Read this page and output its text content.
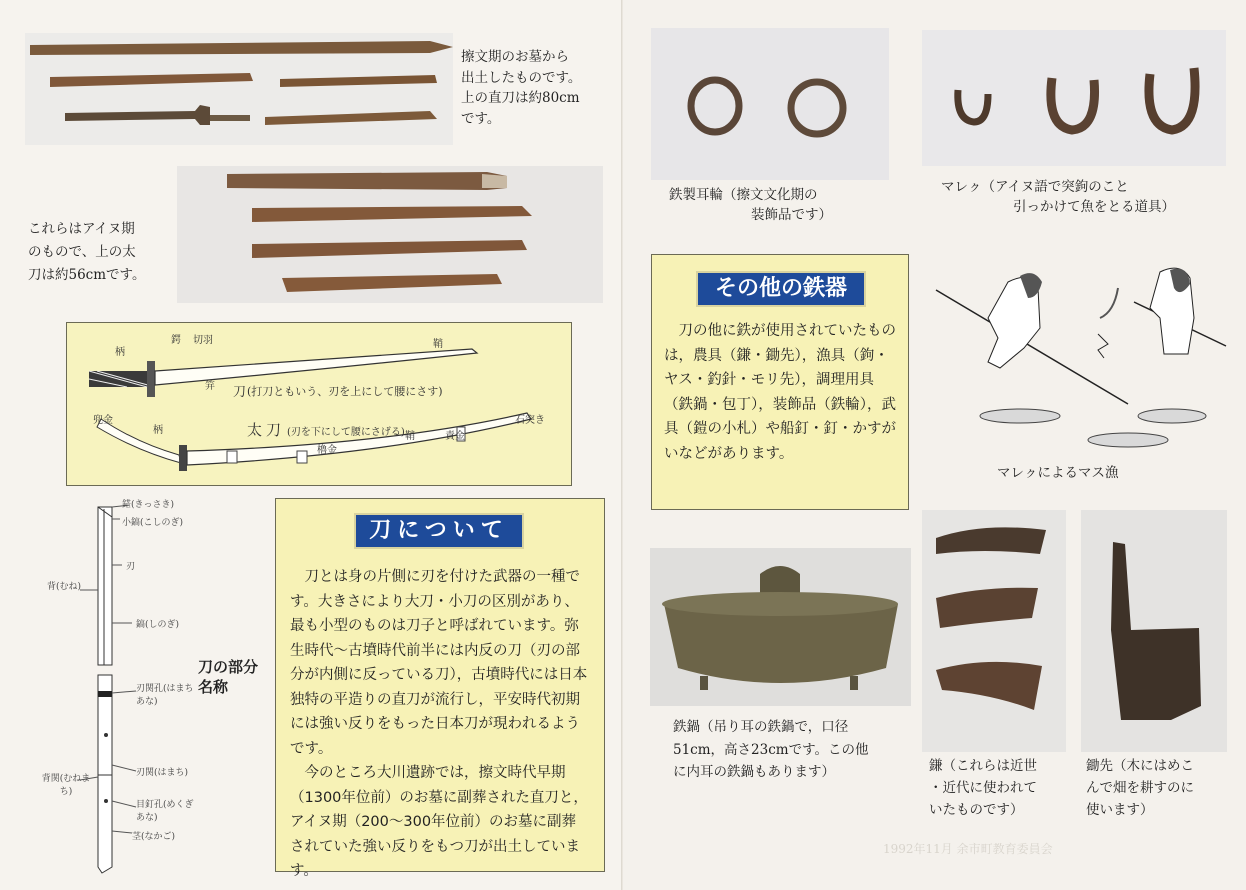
擦文期のお墓から
出土したものです。
上の直刀は約80cm
です。
これらはアイヌ期
のもので、上の太
刀は約56cmです。
柄
鍔 切羽	鞘
笄 刀 (打刀ともいう、刃を上にして腰にさす)
兜金
柄	太刀 (刃を下にして腰にさげる) 鞘
石突き
責金
櫓金
鋩(きっさき)
小鎬(こしのぎ)
刃
背(むね)
鎬(しのぎ)
刃関孔(はまちあな)
刃関(はまち)
背関(むねまち)
目釘孔(めくぎあな)
茎(なかご)
刀の部分名称
刀について

刀とは身の片側に刃を付けた武器の一種です。大きさにより大刀・小刀の区別があり、最も小型のものは刀子と呼ばれています。弥生時代～古墳時代前半には内反の刀（刃の部分が内側に反っている刀），古墳時代には日本独特の平造りの直刀が流行し，平安時代初期には強い反りをもった日本刀が現われるようです。

今のところ大川遺跡では，擦文時代早期（1300年位前）のお墓に副葬された直刀と，アイヌ期（200～300年位前）のお墓に副葬されていた強い反りをもつ刀が出土しています。

鉄製耳輪（擦文文化期の
装飾品です）
マレㇰ（アイヌ語で突鉤のこと
引っかけて魚をとる道具）
その他の鉄器

刀の他に鉄が使用されていたものは，農具（鎌・鋤先），漁具（鉤・ヤス・釣針・モリ先），調理用具（鉄鍋・包丁），装飾品（鉄輪），武具（鎧の小札）や船釘・釘・かすがいなどがあります。

マレㇰによるマス漁
鉄鍋（吊り耳の鉄鍋で，口径
51cm，高さ23cmです。この他
に内耳の鉄鍋もあります）	鎌（これらは近世
・近代に使われて
いたものです）
鋤先（木にはめこ
んで畑を耕すのに
使います）
1992年11月 余市町教育委員会
